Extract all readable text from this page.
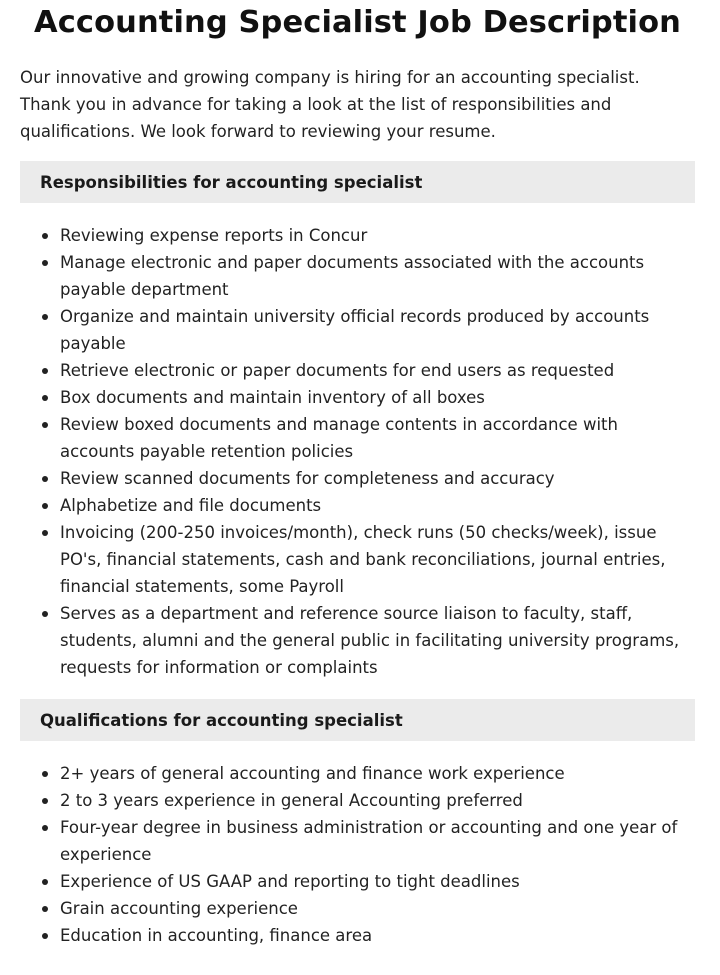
Accounting Specialist Job Description

Our innovative and growing company is hiring for an accounting specialist. Thank you in advance for taking a look at the list of responsibilities and qualifications. We look forward to reviewing your resume.

Responsibilities for accounting specialist
Reviewing expense reports in Concur
Manage electronic and paper documents associated with the accounts payable department
Organize and maintain university official records produced by accounts payable
Retrieve electronic or paper documents for end users as requested
Box documents and maintain inventory of all boxes
Review boxed documents and manage contents in accordance with accounts payable retention policies
Review scanned documents for completeness and accuracy
Alphabetize and file documents
Invoicing (200-250 invoices/month), check runs (50 checks/week), issue PO's, financial statements, cash and bank reconciliations, journal entries, financial statements, some Payroll
Serves as a department and reference source liaison to faculty, staff, students, alumni and the general public in facilitating university programs, requests for information or complaints
Qualifications for accounting specialist
2+ years of general accounting and finance work experience
2 to 3 years experience in general Accounting preferred
Four-year degree in business administration or accounting and one year of experience
Experience of US GAAP and reporting to tight deadlines
Grain accounting experience
Education in accounting, finance area
